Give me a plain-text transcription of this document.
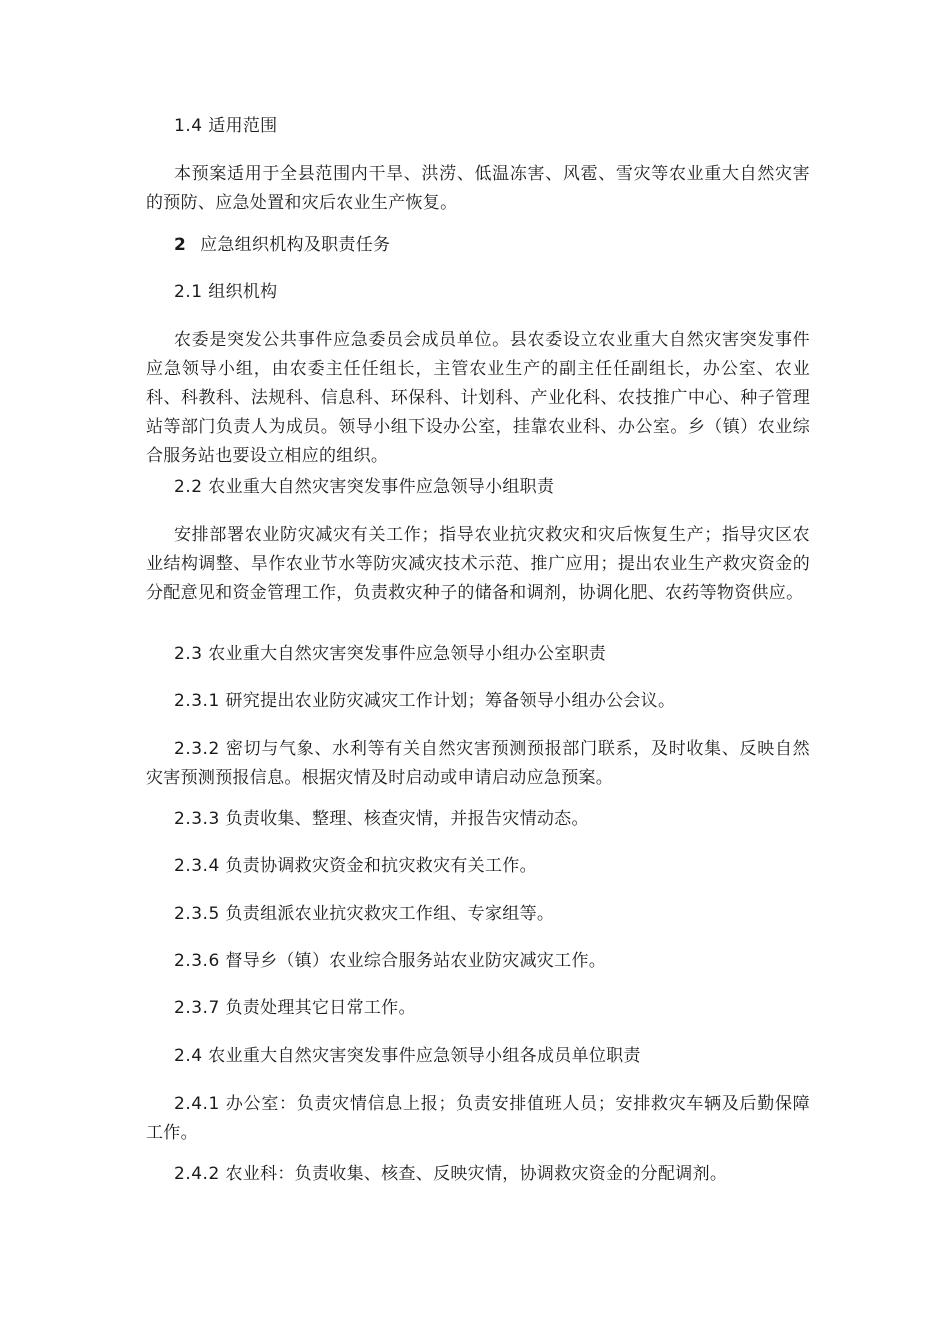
1.4 适用范围

本预案适用于全县范围内干旱、洪涝、低温冻害、风雹、雪灾等农业重大自然灾害的预防、应急处置和灾后农业生产恢复。

2 应急组织机构及职责任务

2.1 组织机构

农委是突发公共事件应急委员会成员单位。县农委设立农业重大自然灾害突发事件应急领导小组，由农委主任任组长，主管农业生产的副主任任副组长，办公室、农业科、科教科、法规科、信息科、环保科、计划科、产业化科、农技推广中心、种子管理站等部门负责人为成员。领导小组下设办公室，挂靠农业科、办公室。乡（镇）农业综合服务站也要设立相应的组织。

2.2 农业重大自然灾害突发事件应急领导小组职责

安排部署农业防灾减灾有关工作；指导农业抗灾救灾和灾后恢复生产；指导灾区农业结构调整、旱作农业节水等防灾减灾技术示范、推广应用；提出农业生产救灾资金的分配意见和资金管理工作，负责救灾种子的储备和调剂，协调化肥、农药等物资供应。

2.3 农业重大自然灾害突发事件应急领导小组办公室职责

2.3.1 研究提出农业防灾减灾工作计划；筹备领导小组办公会议。

2.3.2 密切与气象、水利等有关自然灾害预测预报部门联系，及时收集、反映自然灾害预测预报信息。根据灾情及时启动或申请启动应急预案。

2.3.3 负责收集、整理、核查灾情，并报告灾情动态。

2.3.4 负责协调救灾资金和抗灾救灾有关工作。

2.3.5 负责组派农业抗灾救灾工作组、专家组等。

2.3.6 督导乡（镇）农业综合服务站农业防灾减灾工作。

2.3.7 负责处理其它日常工作。

2.4 农业重大自然灾害突发事件应急领导小组各成员单位职责

2.4.1 办公室：负责灾情信息上报；负责安排值班人员；安排救灾车辆及后勤保障工作。

2.4.2 农业科：负责收集、核查、反映灾情，协调救灾资金的分配调剂。
